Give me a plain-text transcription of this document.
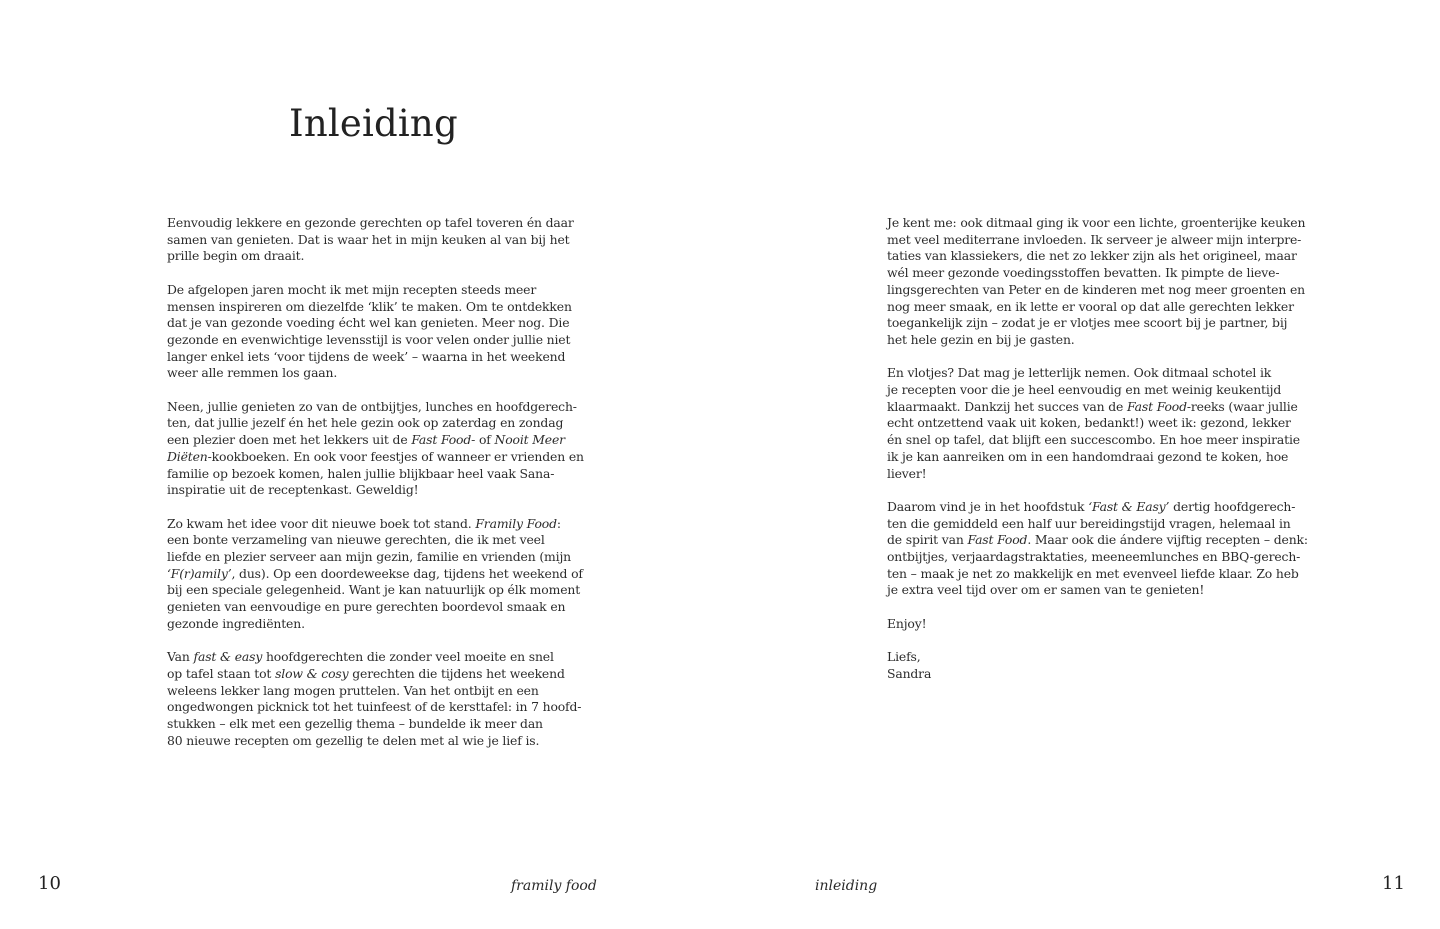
Inleiding

Eenvoudig lekkere en gezonde gerechten op tafel toveren én daar
samen van genieten. Dat is waar het in mijn keuken al van bij het
prille begin om draait.

De afgelopen jaren mocht ik met mijn recepten steeds meer
mensen inspireren om diezelfde ‘klik’ te maken. Om te ontdekken
dat je van gezonde voeding écht wel kan genieten. Meer nog. Die
gezonde en evenwichtige levensstijl is voor velen onder jullie niet
langer enkel iets ‘voor tijdens de week’ – waarna in het weekend
weer alle remmen los gaan.

Neen, jullie genieten zo van de ontbijtjes, lunches en hoofdgerech-
ten, dat jullie jezelf én het hele gezin ook op zaterdag en zondag
een plezier doen met het lekkers uit de Fast Food- of Nooit Meer
Diëten-kookboeken. En ook voor feestjes of wanneer er vrienden en
familie op bezoek komen, halen jullie blijkbaar heel vaak Sana-
inspiratie uit de receptenkast. Geweldig!

Zo kwam het idee voor dit nieuwe boek tot stand. Framily Food:
een bonte verzameling van nieuwe gerechten, die ik met veel
liefde en plezier serveer aan mijn gezin, familie en vrienden (mijn
‘F(r)amily’, dus). Op een doordeweekse dag, tijdens het weekend of
bij een speciale gelegenheid. Want je kan natuurlijk op élk moment
genieten van eenvoudige en pure gerechten boordevol smaak en
gezonde ingrediënten.

Van fast & easy hoofdgerechten die zonder veel moeite en snel
op tafel staan tot slow & cosy gerechten die tijdens het weekend
weleens lekker lang mogen pruttelen. Van het ontbijt en een
ongedwongen picknick tot het tuinfeest of de kersttafel: in 7 hoofd-
stukken – elk met een gezellig thema – bundelde ik meer dan
80 nieuwe recepten om gezellig te delen met al wie je lief is.

10	framily food

Je kent me: ook ditmaal ging ik voor een lichte, groenterijke keuken
met veel mediterrane invloeden. Ik serveer je alweer mijn interpre-
taties van klassiekers, die net zo lekker zijn als het origineel, maar
wél meer gezonde voedingsstoffen bevatten. Ik pimpte de lieve-
lingsgerechten van Peter en de kinderen met nog meer groenten en
nog meer smaak, en ik lette er vooral op dat alle gerechten lekker
toegankelijk zijn – zodat je er vlotjes mee scoort bij je partner, bij
het hele gezin en bij je gasten.

En vlotjes? Dat mag je letterlijk nemen. Ook ditmaal schotel ik
je recepten voor die je heel eenvoudig en met weinig keukentijd
klaarmaakt. Dankzij het succes van de Fast Food-reeks (waar jullie
echt ontzettend vaak uit koken, bedankt!) weet ik: gezond, lekker
én snel op tafel, dat blijft een succescombo. En hoe meer inspiratie
ik je kan aanreiken om in een handomdraai gezond te koken, hoe
liever!

Daarom vind je in het hoofdstuk ‘Fast & Easy’ dertig hoofdgerech-
ten die gemiddeld een half uur bereidingstijd vragen, helemaal in
de spirit van Fast Food. Maar ook die ándere vijftig recepten – denk:
ontbijtjes, verjaardagstraktaties, meeneemlunches en BBQ-gerech-
ten – maak je net zo makkelijk en met evenveel liefde klaar. Zo heb
je extra veel tijd over om er samen van te genieten!

Enjoy!

Liefs,
Sandra

inleiding	11
